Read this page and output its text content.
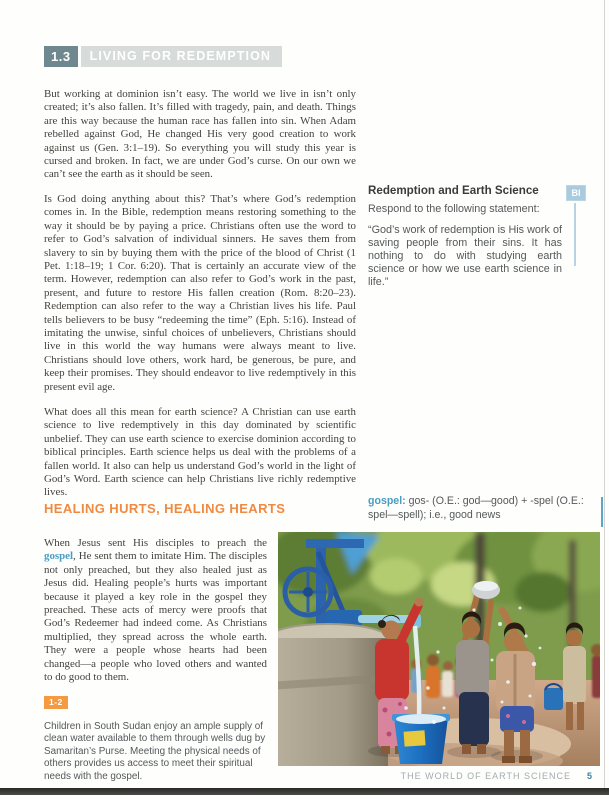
1.3	LIVING FOR REDEMPTION

But working at dominion isn’t easy. The world we live in isn’t only created; it’s also fallen. It’s filled with tragedy, pain, and death. Things are this way because the human race has fallen into sin. When Adam rebelled against God, He changed His very good creation to work against us (Gen. 3:1–19). So everything you will study this year is cursed and broken. In fact, we are under God’s curse. On our own we can’t see the earth as it should be seen.

Is God doing anything about this? That’s where God’s redemption comes in. In the Bible, redemption means restoring something to the way it should be by paying a price. Christians often use the word to refer to God’s salvation of individual sinners. He saves them from slavery to sin by buying them with the price of the blood of Christ (1 Pet. 1:18–19; 1 Cor. 6:20). That is certainly an accurate view of the term. However, redemption can also refer to God’s work in the past, present, and future to restore His fallen creation (Rom. 8:20–23). Redemption can also refer to the way a Christian lives his life. Paul tells believers to be busy “redeeming the time” (Eph. 5:16). Instead of imitating the unwise, sinful choices of unbelievers, Christians should live in this world the way humans were always meant to live. Christians should love others, work hard, be generous, be pure, and keep their promises. They should endeavor to live redemptively in this present evil age.

What does all this mean for earth science? A Christian can use earth science to live redemptively in this day dominated by scientific unbelief. They can use earth science to exercise dominion according to biblical principles. Earth science helps us deal with the problems of a fallen world. It also can help us understand God’s world in the light of God’s Word. Earth science can help Christians live richly redemptive lives.

Redemption and Earth Science
Respond to the following statement:
“God’s work of redemption is His work of saving people from their sins. It has nothing to do with studying earth science or how we use earth science in life.”
BI
HEALING HURTS, HEALING HEARTS

When Jesus sent His disciples to preach the gospel, He sent them to imitate Him. The disciples not only preached, but they also healed just as Jesus did. Healing people’s hurts was important because it played a key role in the gospel they preached. These acts of mercy were proofs that God’s Redeemer had indeed come. As Christians multiplied, they spread across the whole earth. They were a people whose hearts had been changed—a people who loved others and wanted to do good to them.

gospel: gos- (O.E.: god—good) + -spel (O.E.: spel—spell); i.e., good news
1-2

Children in South Sudan enjoy an ample supply of clean water available to them through wells dug by Samaritan’s Purse. Meeting the physical needs of others provides us access to meet their spiritual needs with the gospel.	THE WORLD OF EARTH SCIENCE 5
